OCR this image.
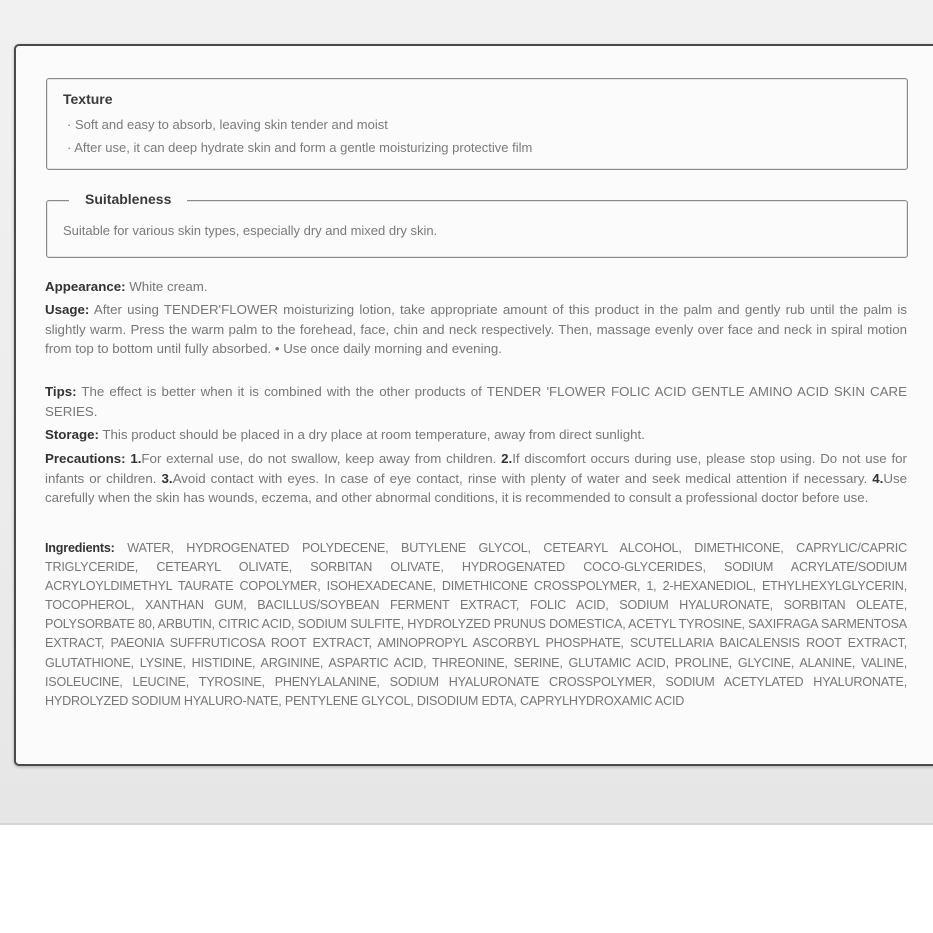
Texture
· Soft and easy to absorb, leaving skin tender and moist
· After use, it can deep hydrate skin and form a gentle moisturizing protective film
Suitableness
Suitable for various skin types, especially dry and mixed dry skin.
Appearance: White cream.
Usage: After using TENDER'FLOWER moisturizing lotion, take appropriate amount of this product in the palm and gently rub until the palm is slightly warm. Press the warm palm to the forehead, face, chin and neck respectively. Then, massage evenly over face and neck in spiral motion from top to bottom until fully absorbed. • Use once daily morning and evening.
Tips: The effect is better when it is combined with the other products of TENDER 'FLOWER FOLIC ACID GENTLE AMINO ACID SKIN CARE SERIES.
Storage: This product should be placed in a dry place at room temperature, away from direct sunlight.
Precautions: 1.For external use, do not swallow, keep away from children. 2.If discomfort occurs during use, please stop using. Do not use for infants or children. 3.Avoid contact with eyes. In case of eye contact, rinse with plenty of water and seek medical attention if necessary. 4.Use carefully when the skin has wounds, eczema, and other abnormal conditions, it is recommended to consult a professional doctor before use.
Ingredients: WATER, HYDROGENATED POLYDECENE, BUTYLENE GLYCOL, CETEARYL ALCOHOL, DIMETHICONE, CAPRYLIC/CAPRIC TRIGLYCERIDE, CETEARYL OLIVATE, SORBITAN OLIVATE, HYDROGENATED COCO-GLYCERIDES, SODIUM ACRYLATE/SODIUM ACRYLOYLDIMETHYL TAURATE COPOLYMER, ISOHEXADECANE, DIMETHICONE CROSSPOLYMER, 1, 2-HEXANEDIOL, ETHYLHEXYLGLYCERIN, TOCOPHEROL, XANTHAN GUM, BACILLUS/SOYBEAN FERMENT EXTRACT, FOLIC ACID, SODIUM HYALURONATE, SORBITAN OLEATE, POLYSORBATE 80, ARBUTIN, CITRIC ACID, SODIUM SULFITE, HYDROLYZED PRUNUS DOMESTICA, ACETYL TYROSINE, SAXIFRAGA SARMENTOSA EXTRACT, PAEONIA SUFFRUTICOSA ROOT EXTRACT, AMINOPROPYL ASCORBYL PHOSPHATE, SCUTELLARIA BAICALENSIS ROOT EXTRACT, GLUTATHIONE, LYSINE, HISTIDINE, ARGININE, ASPARTIC ACID, THREONINE, SERINE, GLUTAMIC ACID, PROLINE, GLYCINE, ALANINE, VALINE, ISOLEUCINE, LEUCINE, TYROSINE, PHENYLALANINE, SODIUM HYALURONATE CROSSPOLYMER, SODIUM ACETYLATED HYALURONATE, HYDROLYZED SODIUM HYALURO-NATE, PENTYLENE GLYCOL, DISODIUM EDTA, CAPRYLHYDROXAMIC ACID
